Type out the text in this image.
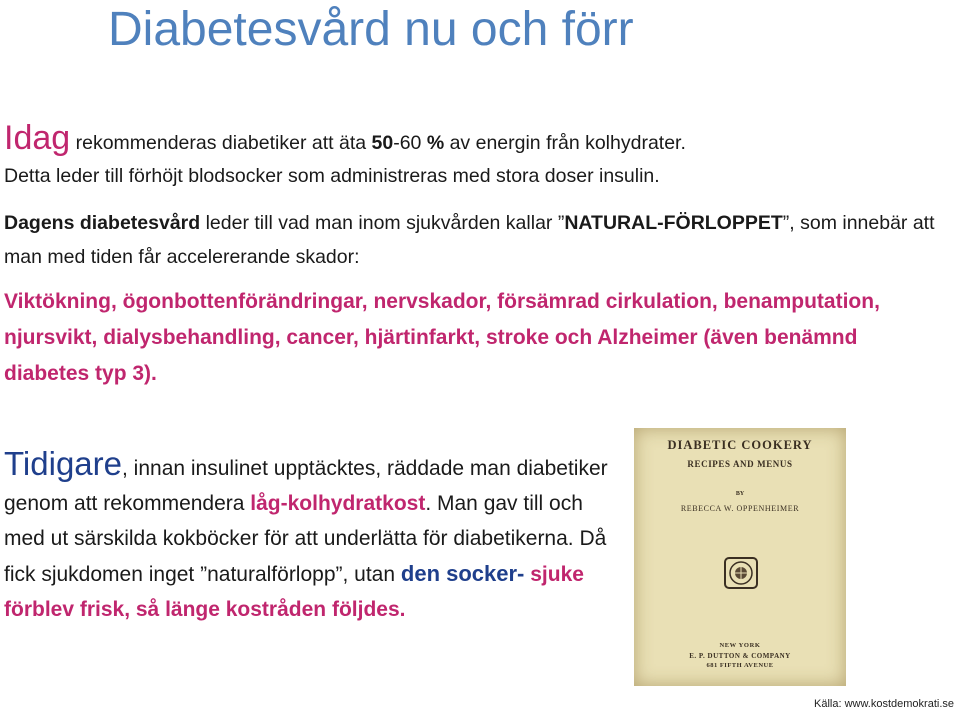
Diabetesvård nu och förr

Idag rekommenderas diabetiker att äta 50-60 % av energin från kolhydrater.
Detta leder till förhöjt blodsocker som administreras med stora doser insulin.

Dagens diabetesvård leder till vad man inom sjukvården kallar ”NATURAL-FÖRLOPPET”, som innebär att man med tiden får accelererande skador:

Viktökning, ögonbottenförändringar, nervskador, försämrad cirkulation, benamputation, njursvikt, dialysbehandling, cancer, hjärtinfarkt, stroke och Alzheimer (även benämnd diabetes typ 3).

Tidigare, innan insulinet upptäcktes, räddade man diabetiker genom att rekommendera låg-kolhydratkost. Man gav till och med ut särskilda kokböcker för att underlätta för diabetikerna. Då fick sjukdomen inget ”naturalförlopp”, utan den socker- sjuke förblev frisk, så länge kostråden följdes.

DIABETIC COOKERY
RECIPES AND MENUS
BY
REBECCA W. OPPENHEIMER
NEW YORK
E. P. DUTTON & COMPANY
681 FIFTH AVENUE
Källa: www.kostdemokrati.se
